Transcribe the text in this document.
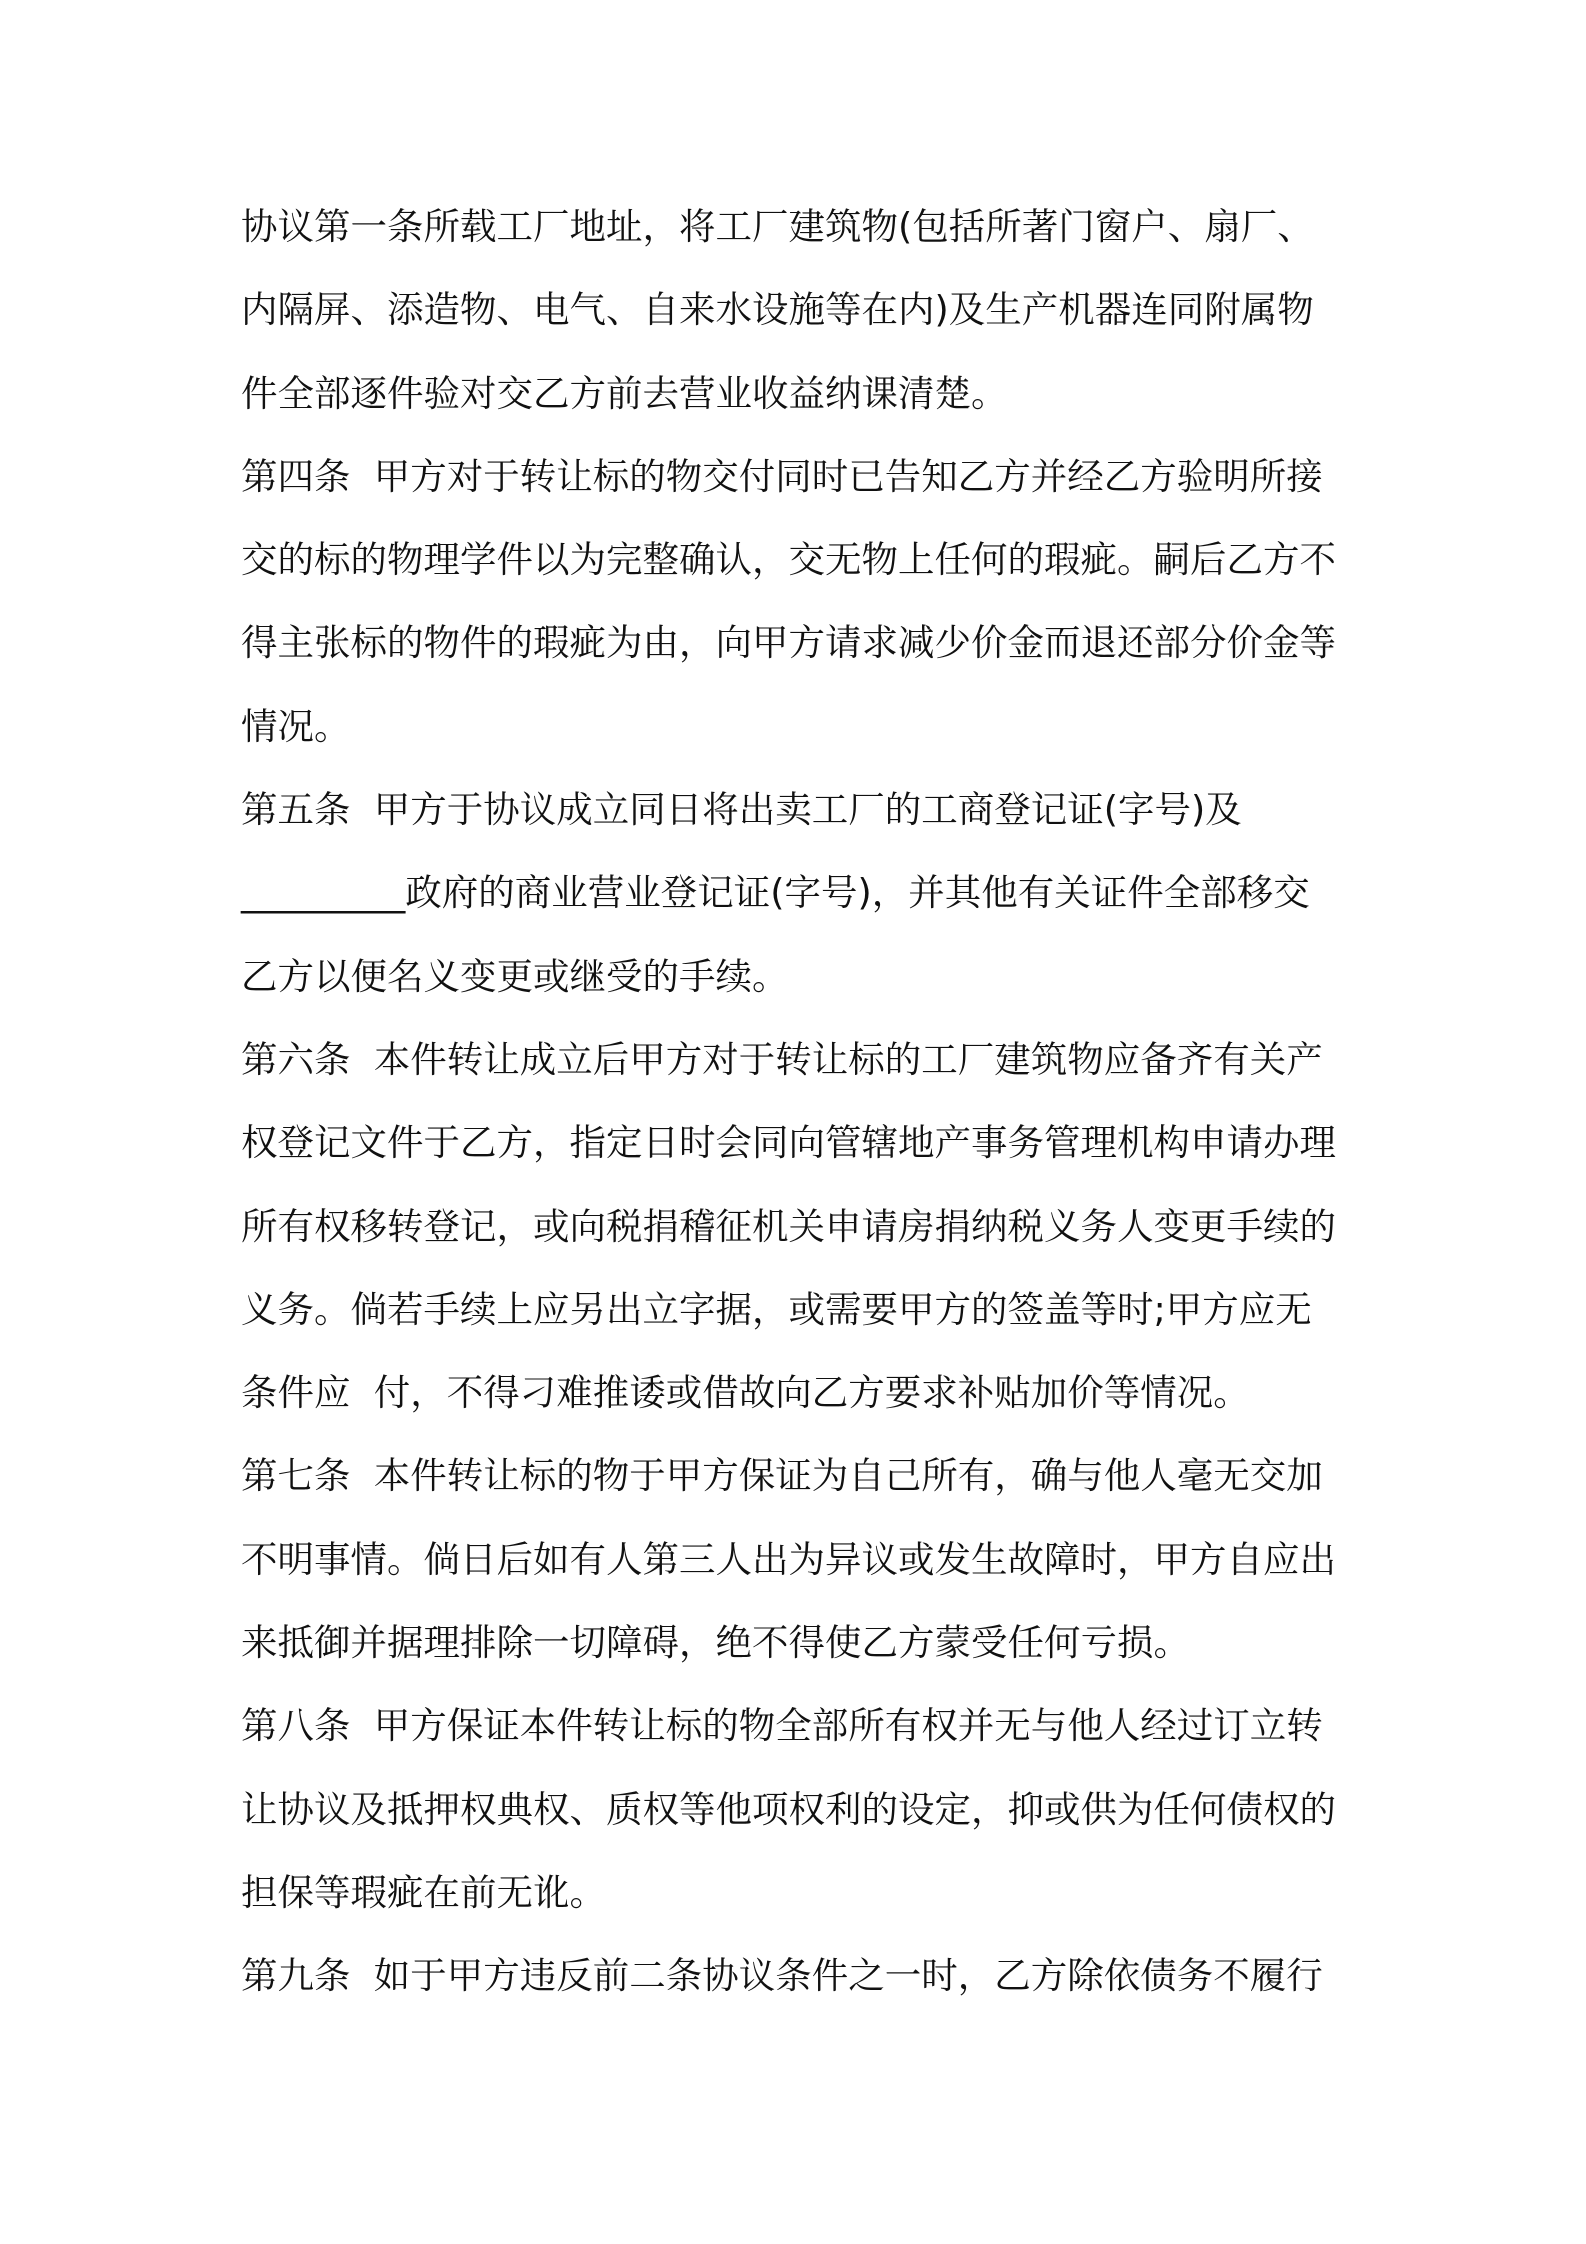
协议第一条所载工厂地址，将工厂建筑物(包括所著门窗户、扇厂、
内隔屏、添造物、电气、自来水设施等在内)及生产机器连同附属物
件全部逐件验对交乙方前去营业收益纳课清楚。
第四条  甲方对于转让标的物交付同时已告知乙方并经乙方验明所接
交的标的物理学件以为完整确认，交无物上任何的瑕疵。嗣后乙方不
得主张标的物件的瑕疵为由，向甲方请求减少价金而退还部分价金等
情况。
第五条  甲方于协议成立同日将出卖工厂的工商登记证(字号)及
_________政府的商业营业登记证(字号)，并其他有关证件全部移交
乙方以便名义变更或继受的手续。
第六条  本件转让成立后甲方对于转让标的工厂建筑物应备齐有关产
权登记文件于乙方，指定日时会同向管辖地产事务管理机构申请办理
所有权移转登记，或向税捐稽征机关申请房捐纳税义务人变更手续的
义务。倘若手续上应另出立字据，或需要甲方的签盖等时;甲方应无
条件应  付，不得刁难推诿或借故向乙方要求补贴加价等情况。
第七条  本件转让标的物于甲方保证为自己所有，确与他人毫无交加
不明事情。倘日后如有人第三人出为异议或发生故障时，甲方自应出
来抵御并据理排除一切障碍，绝不得使乙方蒙受任何亏损。
第八条  甲方保证本件转让标的物全部所有权并无与他人经过订立转
让协议及抵押权典权、质权等他项权利的设定，抑或供为任何债权的
担保等瑕疵在前无讹。
第九条  如于甲方违反前二条协议条件之一时，乙方除依债务不履行
